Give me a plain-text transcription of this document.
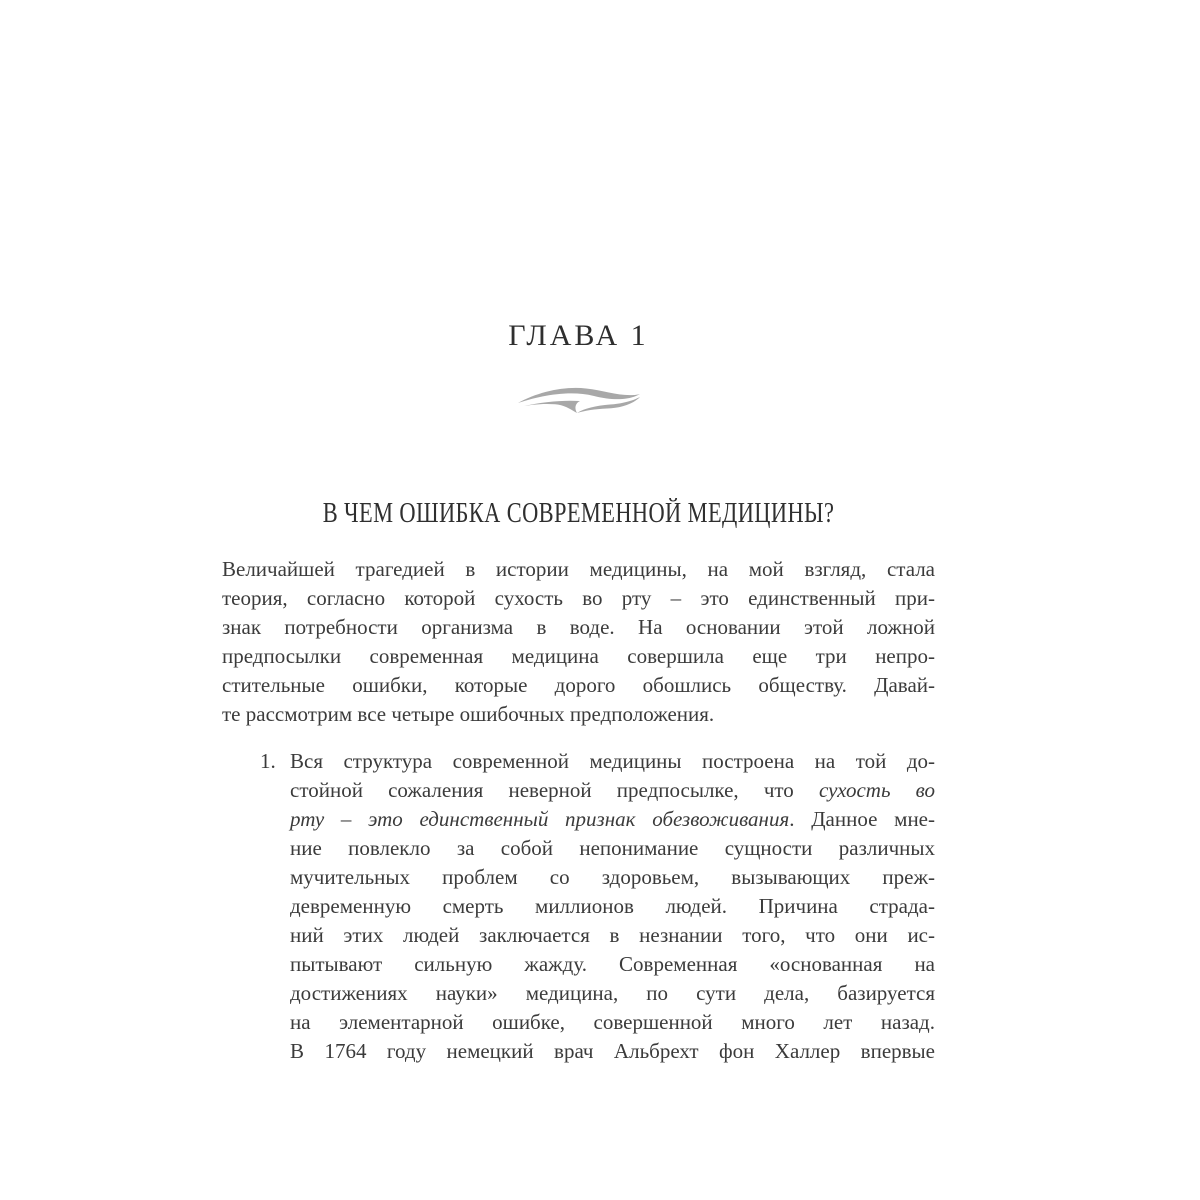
ГЛАВА 1
В ЧЕМ ОШИБКА СОВРЕМЕННОЙ МЕДИЦИНЫ?
Величайшей трагедией в истории медицины, на мой взгляд, стала
теория, согласно которой сухость во рту – это единственный при-
знак потребности организма в воде. На основании этой ложной
предпосылки современная медицина совершила еще три непро-
стительные ошибки, которые дорого обошлись обществу. Давай-
те рассмотрим все четыре ошибочных предположения.
1. Вся структура современной медицины построена на той до-
стойной сожаления неверной предпосылке, что сухость во
рту – это единственный признак обезвоживания. Данное мне-
ние повлекло за собой непонимание сущности различных
мучительных проблем со здоровьем, вызывающих преж-
девременную смерть миллионов людей. Причина страда-
ний этих людей заключается в незнании того, что они ис-
пытывают сильную жажду. Современная «основанная на
достижениях науки» медицина, по сути дела, базируется
на элементарной ошибке, совершенной много лет назад.
В 1764 году немецкий врач Альбрехт фон Халлер впервые
